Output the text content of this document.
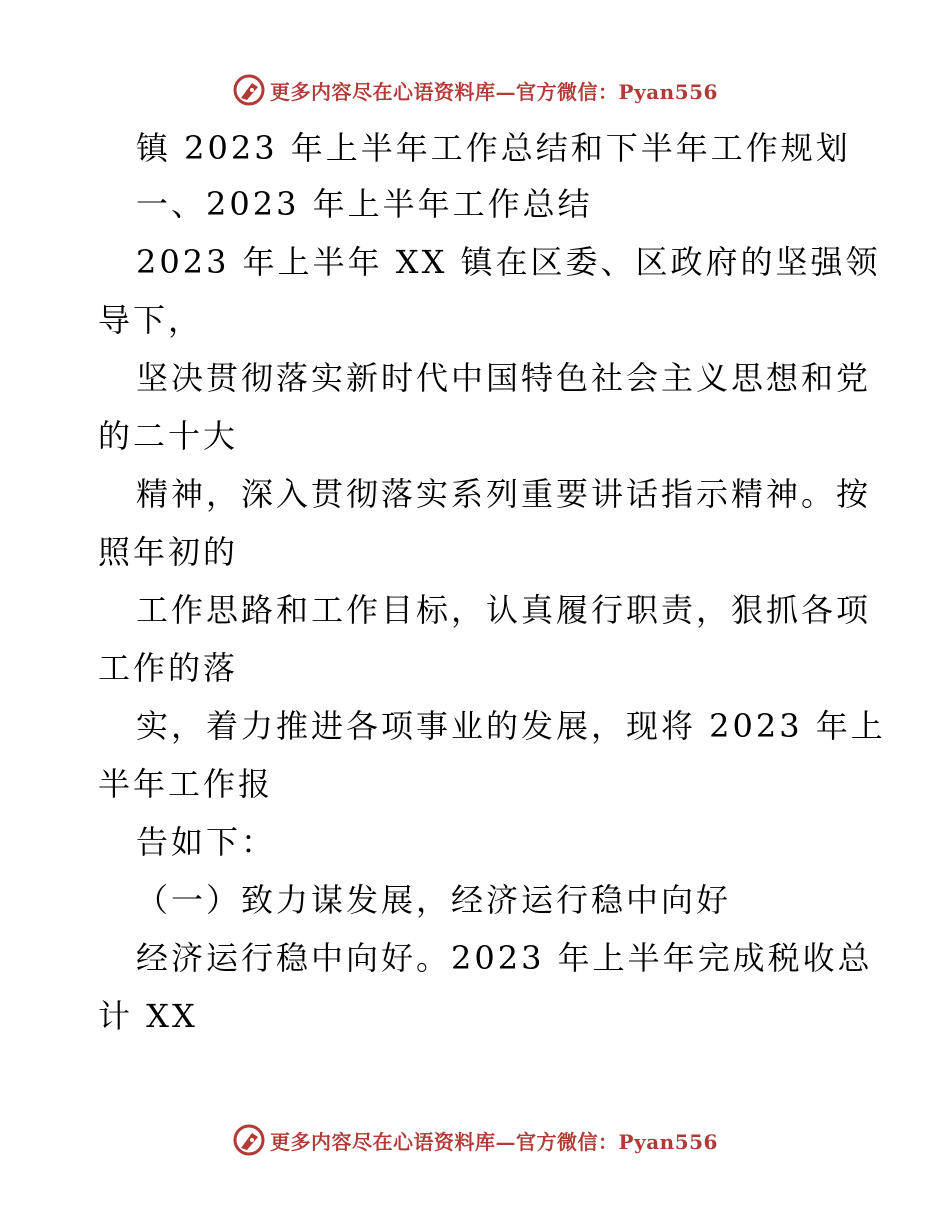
更多内容尽在心语资料库—官方微信：Pyan556
镇 2023 年上半年工作总结和下半年工作规划
一、2023 年上半年工作总结
2023 年上半年 XX 镇在区委、区政府的坚强领
导下，
坚决贯彻落实新时代中国特色社会主义思想和党
的二十大
精神，深入贯彻落实系列重要讲话指示精神。按
照年初的
工作思路和工作目标，认真履行职责，狠抓各项
工作的落
实，着力推进各项事业的发展，现将 2023 年上
半年工作报
告如下：
（一）致力谋发展，经济运行稳中向好
经济运行稳中向好。2023 年上半年完成税收总
计 XX
更多内容尽在心语资料库—官方微信：Pyan556
